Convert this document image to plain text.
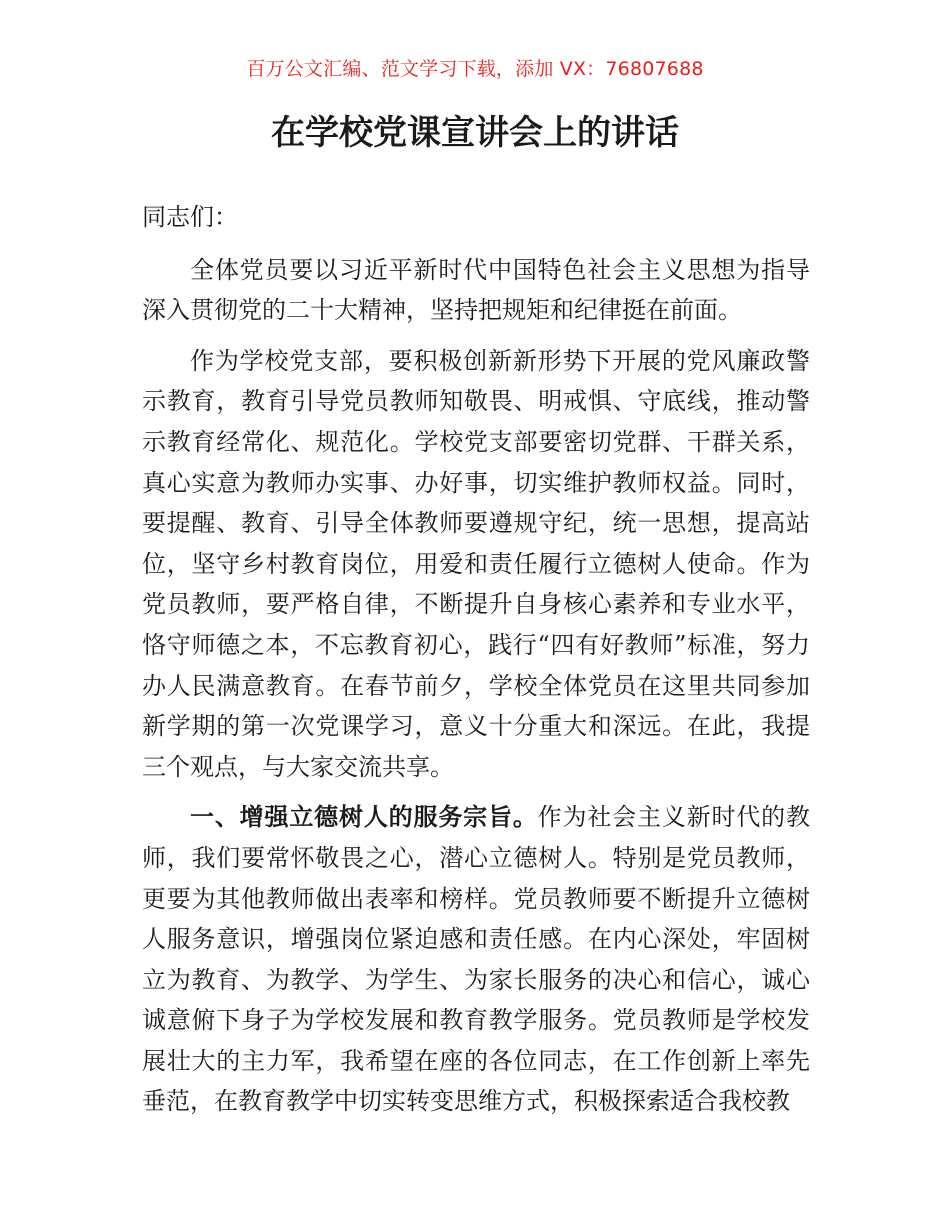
百万公文汇编、范文学习下载，添加 VX：76807688
在学校党课宣讲会上的讲话

同志们：

全体党员要以习近平新时代中国特色社会主义思想为指导深入贯彻党的二十大精神，坚持把规矩和纪律挺在前面。

作为学校党支部，要积极创新新形势下开展的党风廉政警示教育，教育引导党员教师知敬畏、明戒惧、守底线，推动警示教育经常化、规范化。学校党支部要密切党群、干群关系，真心实意为教师办实事、办好事，切实维护教师权益。同时，要提醒、教育、引导全体教师要遵规守纪，统一思想，提高站位，坚守乡村教育岗位，用爱和责任履行立德树人使命。作为党员教师，要严格自律，不断提升自身核心素养和专业水平，恪守师德之本，不忘教育初心，践行“四有好教师”标准，努力办人民满意教育。在春节前夕，学校全体党员在这里共同参加新学期的第一次党课学习，意义十分重大和深远。在此，我提三个观点，与大家交流共享。

一、增强立德树人的服务宗旨。作为社会主义新时代的教师，我们要常怀敬畏之心，潜心立德树人。特别是党员教师，更要为其他教师做出表率和榜样。党员教师要不断提升立德树人服务意识，增强岗位紧迫感和责任感。在内心深处，牢固树立为教育、为教学、为学生、为家长服务的决心和信心，诚心诚意俯下身子为学校发展和教育教学服务。党员教师是学校发展壮大的主力军，我希望在座的各位同志，在工作创新上率先垂范，在教育教学中切实转变思维方式，积极探索适合我校教
